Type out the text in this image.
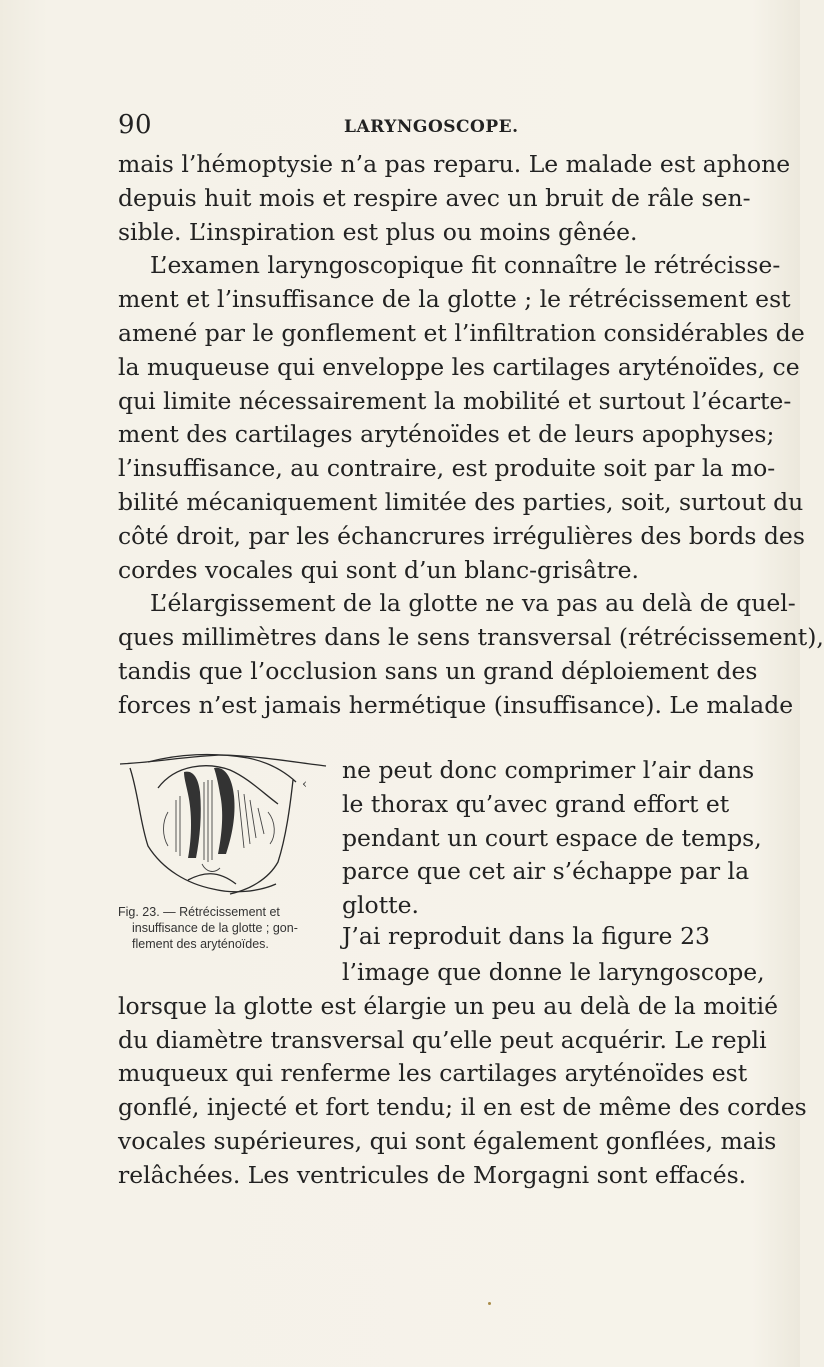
90	LARYNGOSCOPE.
mais l’hémoptysie n’a pas reparu. Le malade est aphone
depuis huit mois et respire avec un bruit de râle sen-
sible. L’inspiration est plus ou moins gênée.
L’examen laryngoscopique fit connaître le rétrécisse-
ment et l’insuffisance de la glotte ; le rétrécissement est
amené par le gonflement et l’infiltration considérables de
la muqueuse qui enveloppe les cartilages aryténoïdes, ce
qui limite nécessairement la mobilité et surtout l’écarte-
ment des cartilages aryténoïdes et de leurs apophyses;
l’insuffisance, au contraire, est produite soit par la mo-
bilité mécaniquement limitée des parties, soit, surtout du
côté droit, par les échancrures irrégulières des bords des
cordes vocales qui sont d’un blanc-grisâtre.
L’élargissement de la glotte ne va pas au delà de quel-
ques millimètres dans le sens transversal (rétrécissement),
tandis que l’occlusion sans un grand déploiement des
forces n’est jamais hermétique (insuffisance). Le malade
‹
Fig. 23. — Rétrécissement et
insuffisance de la glotte ; gon-
flement des aryténoïdes.
ne peut donc comprimer l’air dans
le thorax qu’avec grand effort et
pendant un court espace de temps,
parce que cet air s’échappe par la
glotte.
J’ai reproduit dans la figure 23
l’image que donne le laryngoscope,
lorsque la glotte est élargie un peu au delà de la moitié
du diamètre transversal qu’elle peut acquérir. Le repli
muqueux qui renferme les cartilages aryténoïdes est
gonflé, injecté et fort tendu; il en est de même des cordes
vocales supérieures, qui sont également gonflées, mais
relâchées. Les ventricules de Morgagni sont effacés.
